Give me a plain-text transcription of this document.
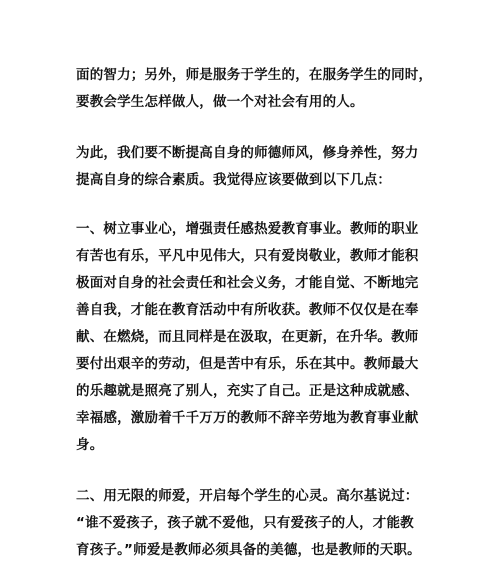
面的智力；另外，师是服务于学生的，在服务学生的同时，
要教会学生怎样做人，做一个对社会有用的人。
为此，我们要不断提高自身的师德师风，修身养性，努力
提高自身的综合素质。我觉得应该要做到以下几点：
一、树立事业心，增强责任感热爱教育事业。教师的职业
有苦也有乐，平凡中见伟大，只有爱岗敬业，教师才能积
极面对自身的社会责任和社会义务，才能自觉、不断地完
善自我，才能在教育活动中有所收获。教师不仅仅是在奉
献、在燃烧，而且同样是在汲取，在更新，在升华。教师
要付出艰辛的劳动，但是苦中有乐，乐在其中。教师最大
的乐趣就是照亮了别人，充实了自己。正是这种成就感、
幸福感，激励着千千万万的教师不辞辛劳地为教育事业献
身。
二、用无限的师爱，开启每个学生的心灵。高尔基说过：
“谁不爱孩子，孩子就不爱他，只有爱孩子的人，才能教
育孩子。”师爱是教师必须具备的美德，也是教师的天职。
